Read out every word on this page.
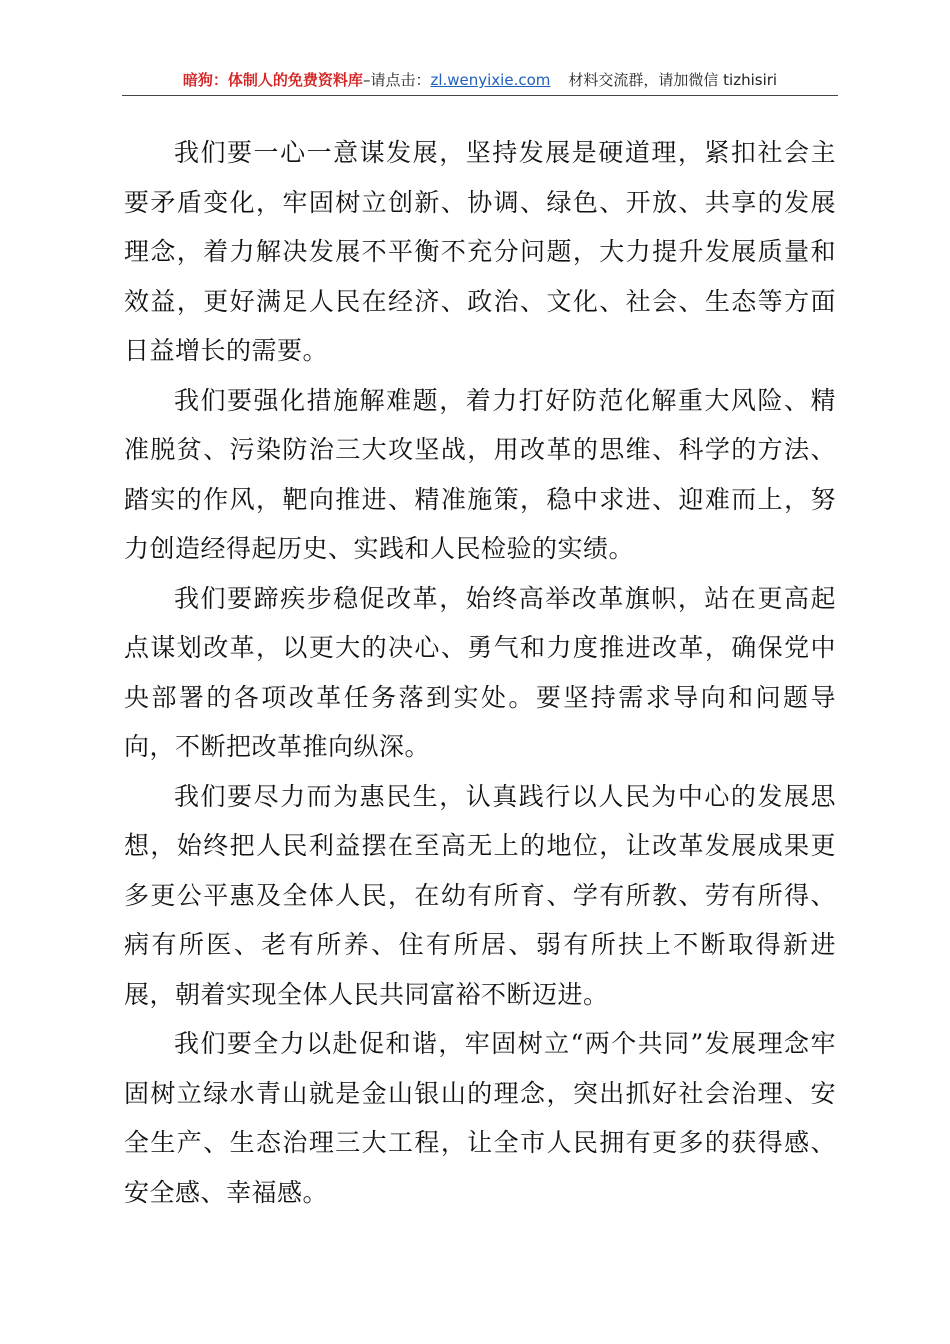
暗狗：体制人的免费资料库–请点击：zl.wenyixie.com 材料交流群，请加微信 tizhisiri

我们要一心一意谋发展，坚持发展是硬道理，紧扣社会主要矛盾变化，牢固树立创新、协调、绿色、开放、共享的发展理念，着力解决发展不平衡不充分问题，大力提升发展质量和效益，更好满足人民在经济、政治、文化、社会、生态等方面日益增长的需要。

我们要强化措施解难题，着力打好防范化解重大风险、精准脱贫、污染防治三大攻坚战，用改革的思维、科学的方法、踏实的作风，靶向推进、精准施策，稳中求进、迎难而上，努力创造经得起历史、实践和人民检验的实绩。

我们要蹄疾步稳促改革，始终高举改革旗帜，站在更高起点谋划改革，以更大的决心、勇气和力度推进改革，确保党中央部署的各项改革任务落到实处。要坚持需求导向和问题导向，不断把改革推向纵深。

我们要尽力而为惠民生，认真践行以人民为中心的发展思想，始终把人民利益摆在至高无上的地位，让改革发展成果更多更公平惠及全体人民，在幼有所育、学有所教、劳有所得、病有所医、老有所养、住有所居、弱有所扶上不断取得新进展，朝着实现全体人民共同富裕不断迈进。

我们要全力以赴促和谐，牢固树立“两个共同”发展理念牢固树立绿水青山就是金山银山的理念，突出抓好社会治理、安全生产、生态治理三大工程，让全市人民拥有更多的获得感、安全感、幸福感。
